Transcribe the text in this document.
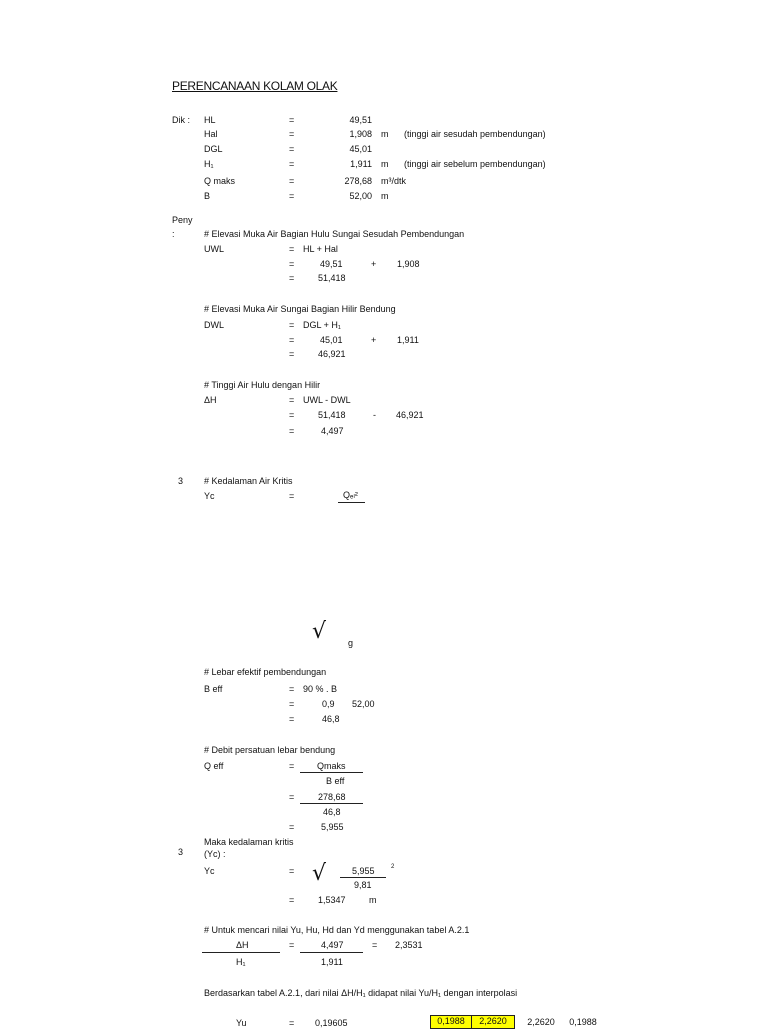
PERENCANAAN KOLAM OLAK
Dik : HL	=	49,51
Hal	=	1,908 m (tinggi air sesudah pembendungan)
DGL	=	45,01
H₁	=	1,911 m (tinggi air sebelum pembendungan)
Q maks	=	278,68 m³/dtk
B	=	52,00 m
Peny
:	# Elevasi Muka Air Bagian Hulu Sungai Sesudah Pembendungan
UWL	= HL + Hal
=	49,51	+ 1,908
=	51,418
# Elevasi Muka Air Sungai Bagian Hilir Bendung
DWL	= DGL + H₁
=	45,01	+ 1,911
=	46,921
# Tinggi Air Hulu dengan Hilir
ΔH	= UWL - DWL
=	51,418	- 46,921
=	4,497
3 # Kedalaman Air Kritis
Yc	=	Qₑₗ²
√ g
# Lebar efektif pembendungan
B eff	= 90 % . B
=	0,9 52,00
=	46,8
# Debit persatuan lebar bendung
Q eff	=	Qmaks
B eff
=	278,68
46,8
=	5,955
Maka kedalaman kritis
3 (Yc) :
Yc	= √	5,955	2
9,81
=	1,5347	m
# Untuk mencari nilai Yu, Hu, Hd dan Yd menggunakan tabel A.2.1
ΔH
H₁
=	4,497
1,911
= 2,3531
Berdasarkan tabel A.2.1, dari nilai ΔH/H₁ didapat nilai Yu/H₁ dengan interpolasi
Yu	= 0,19605	0,1988	2,2620	2,2620	0,1988
